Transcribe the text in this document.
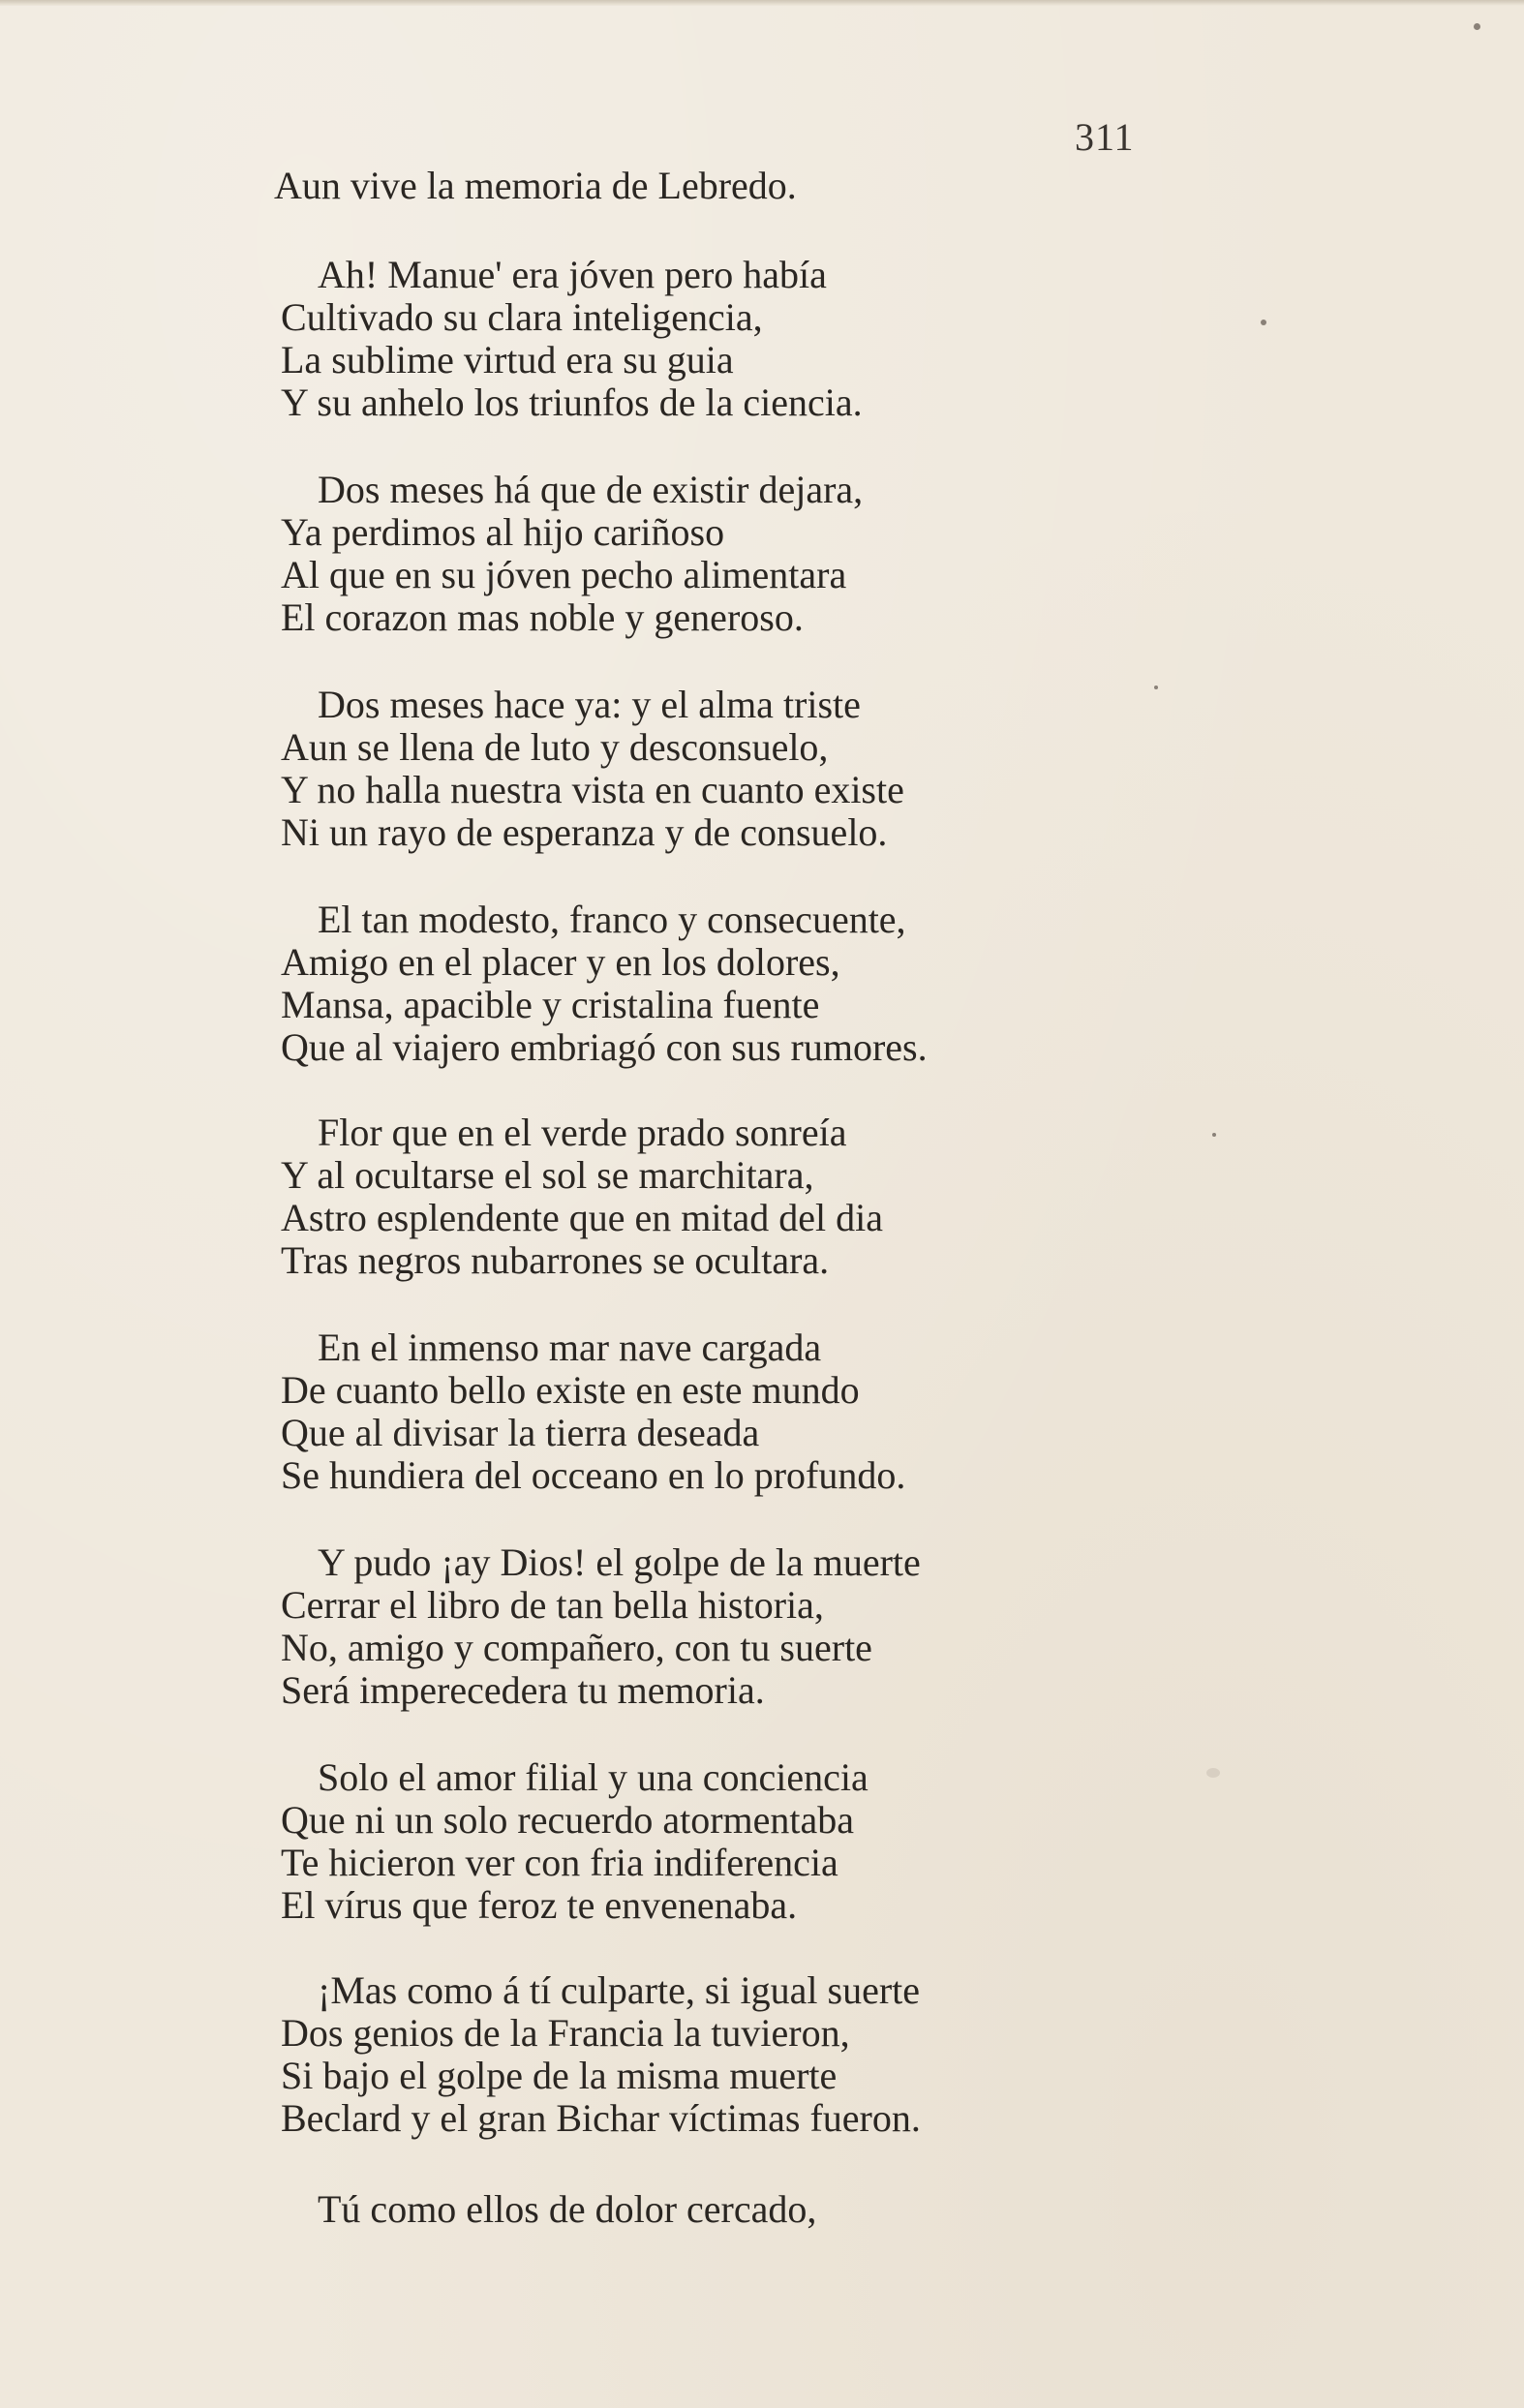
311
Aun vive la memoria de Lebredo.
Ah! Manue' era jóven pero había
Cultivado su clara inteligencia,
La sublime virtud era su guia
Y su anhelo los triunfos de la ciencia.
Dos meses há que de existir dejara,
Ya perdimos al hijo cariñoso
Al que en su jóven pecho alimentara
El corazon mas noble y generoso.
Dos meses hace ya: y el alma triste
Aun se llena de luto y desconsuelo,
Y no halla nuestra vista en cuanto existe
Ni un rayo de esperanza y de consuelo.
El tan modesto, franco y consecuente,
Amigo en el placer y en los dolores,
Mansa, apacible y cristalina fuente
Que al viajero embriagó con sus rumores.
Flor que en el verde prado sonreía
Y al ocultarse el sol se marchitara,
Astro esplendente que en mitad del dia
Tras negros nubarrones se ocultara.
En el inmenso mar nave cargada
De cuanto bello existe en este mundo
Que al divisar la tierra deseada
Se hundiera del occeano en lo profundo.
Y pudo ¡ay Dios! el golpe de la muerte
Cerrar el libro de tan bella historia,
No, amigo y compañero, con tu suerte
Será imperecedera tu memoria.
Solo el amor filial y una conciencia
Que ni un solo recuerdo atormentaba
Te hicieron ver con fria indiferencia
El vírus que feroz te envenenaba.
¡Mas como á tí culparte, si igual suerte
Dos genios de la Francia la tuvieron,
Si bajo el golpe de la misma muerte
Beclard y el gran Bichar víctimas fueron.
Tú como ellos de dolor cercado,
